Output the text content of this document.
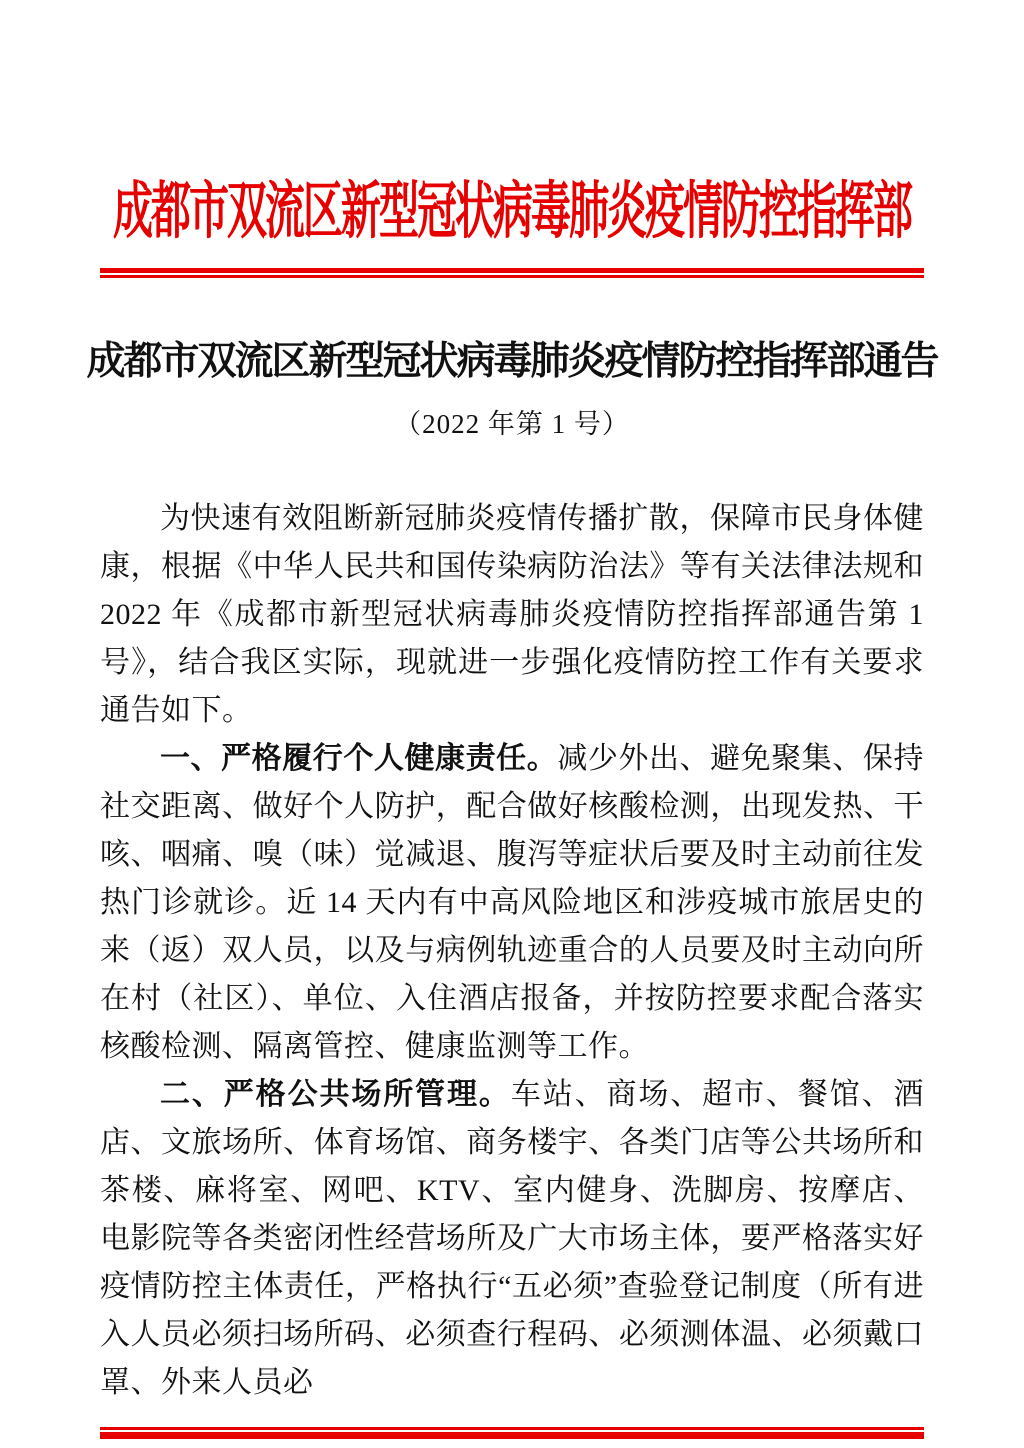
成都市双流区新型冠状病毒肺炎疫情防控指挥部
成都市双流区新型冠状病毒肺炎疫情防控指挥部通告
（2022 年第 1 号）

为快速有效阻断新冠肺炎疫情传播扩散，保障市民身体健康，根据《中华人民共和国传染病防治法》等有关法律法规和 2022 年《成都市新型冠状病毒肺炎疫情防控指挥部通告第 1 号》，结合我区实际，现就进一步强化疫情防控工作有关要求通告如下。

一、严格履行个人健康责任。减少外出、避免聚集、保持社交距离、做好个人防护，配合做好核酸检测，出现发热、干咳、咽痛、嗅（味）觉减退、腹泻等症状后要及时主动前往发热门诊就诊。近 14 天内有中高风险地区和涉疫城市旅居史的来（返）双人员，以及与病例轨迹重合的人员要及时主动向所在村（社区）、单位、入住酒店报备，并按防控要求配合落实核酸检测、隔离管控、健康监测等工作。

二、严格公共场所管理。车站、商场、超市、餐馆、酒店、文旅场所、体育场馆、商务楼宇、各类门店等公共场所和茶楼、麻将室、网吧、KTV、室内健身、洗脚房、按摩店、电影院等各类密闭性经营场所及广大市场主体，要严格落实好疫情防控主体责任，严格执行“五必须”查验登记制度（所有进入人员必须扫场所码、必须查行程码、必须测体温、必须戴口罩、外来人员必
